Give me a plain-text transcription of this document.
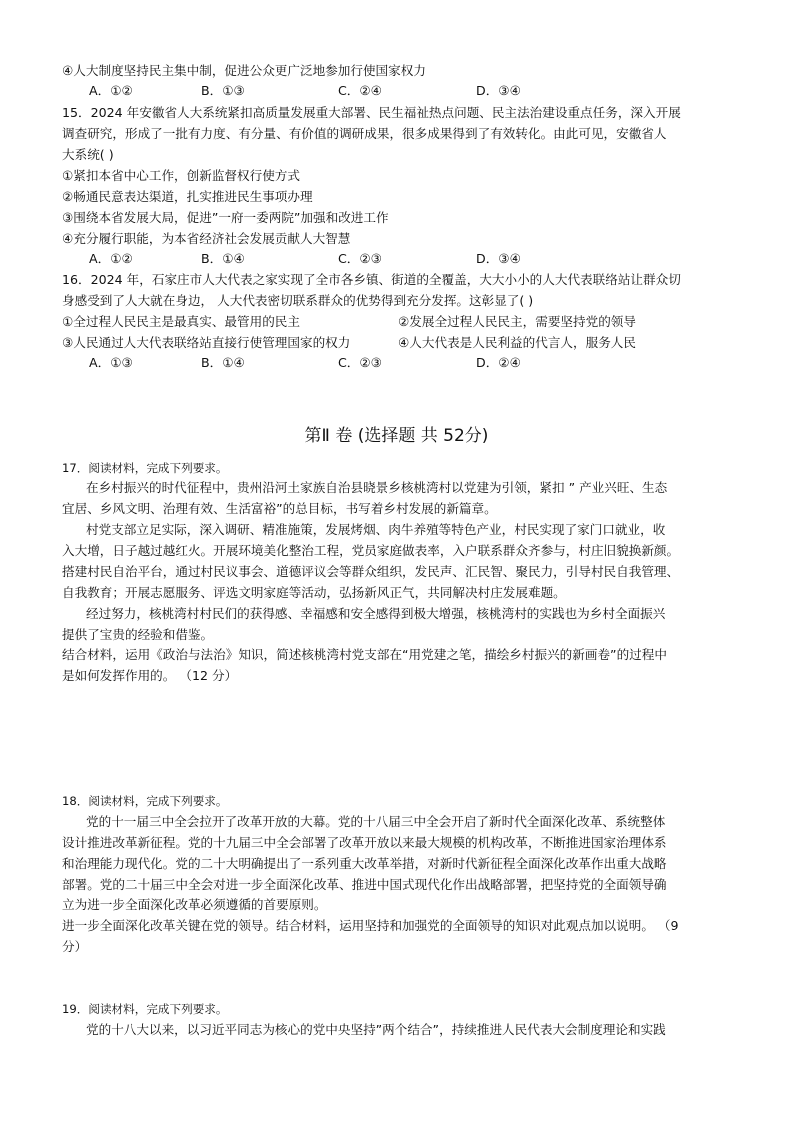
④人大制度坚持民主集中制，促进公众更广泛地参加行使国家权力
A．①②	B．①③	C．②④	D．③④
15．2024 年安徽省人大系统紧扣高质量发展重大部署、民生福祉热点问题、民主法治建设重点任务，深入开展
调查研究，形成了一批有力度、有分量、有价值的调研成果，很多成果得到了有效转化。由此可见，安徽省人
大系统( )
①紧扣本省中心工作，创新监督权行使方式
②畅通民意表达渠道，扎实推进民生事项办理
③围绕本省发展大局，促进”一府一委两院”加强和改进工作
④充分履行职能，为本省经济社会发展贡献人大智慧
A．①②	B．①④	C．②③	D．③④
16．2024 年，石家庄市人大代表之家实现了全市各乡镇、街道的全覆盖，大大小小的人大代表联络站让群众切
身感受到了人大就在身边， 人大代表密切联系群众的优势得到充分发挥。这彰显了( )
①全过程人民民主是最真实、最管用的民主	②发展全过程人民民主，需要坚持党的领导
③人民通过人大代表联络站直接行使管理国家的权力	④人大代表是人民利益的代言人，服务人民
A．①③	B．①④	C．②③	D．②④
第Ⅱ 卷 (选择题 共 52分)
17．阅读材料，完成下列要求。
在乡村振兴的时代征程中，贵州沿河土家族自治县晓景乡核桃湾村以党建为引领，紧扣 ” 产业兴旺、生态
宜居、乡风文明、治理有效、生活富裕”的总目标，书写着乡村发展的新篇章。
村党支部立足实际，深入调研、精准施策，发展烤烟、肉牛养殖等特色产业，村民实现了家门口就业，收
入大增，日子越过越红火。开展环境美化整治工程，党员家庭做表率，入户联系群众齐参与，村庄旧貌换新颜。
搭建村民自治平台，通过村民议事会、道德评议会等群众组织，发民声、汇民智、聚民力，引导村民自我管理、
自我教育；开展志愿服务、评选文明家庭等活动，弘扬新风正气，共同解决村庄发展难题。
经过努力，核桃湾村村民们的获得感、幸福感和安全感得到极大增强，核桃湾村的实践也为乡村全面振兴
提供了宝贵的经验和借鉴。
结合材料，运用《政治与法治》知识，简述核桃湾村党支部在“用党建之笔，描绘乡村振兴的新画卷”的过程中
是如何发挥作用的。 （12 分）
18．阅读材料，完成下列要求。
党的十一届三中全会拉开了改革开放的大幕。党的十八届三中全会开启了新时代全面深化改革、系统整体
设计推进改革新征程。党的十九届三中全会部署了改革开放以来最大规模的机构改革，不断推进国家治理体系
和治理能力现代化。党的二十大明确提出了一系列重大改革举措，对新时代新征程全面深化改革作出重大战略
部署。党的二十届三中全会对进一步全面深化改革、推进中国式现代化作出战略部署，把坚持党的全面领导确
立为进一步全面深化改革必须遵循的首要原则。
进一步全面深化改革关键在党的领导。结合材料，运用坚持和加强党的全面领导的知识对此观点加以说明。 （9
分）
19．阅读材料，完成下列要求。
党的十八大以来，以习近平同志为核心的党中央坚持”两个结合”，持续推进人民代表大会制度理论和实践
